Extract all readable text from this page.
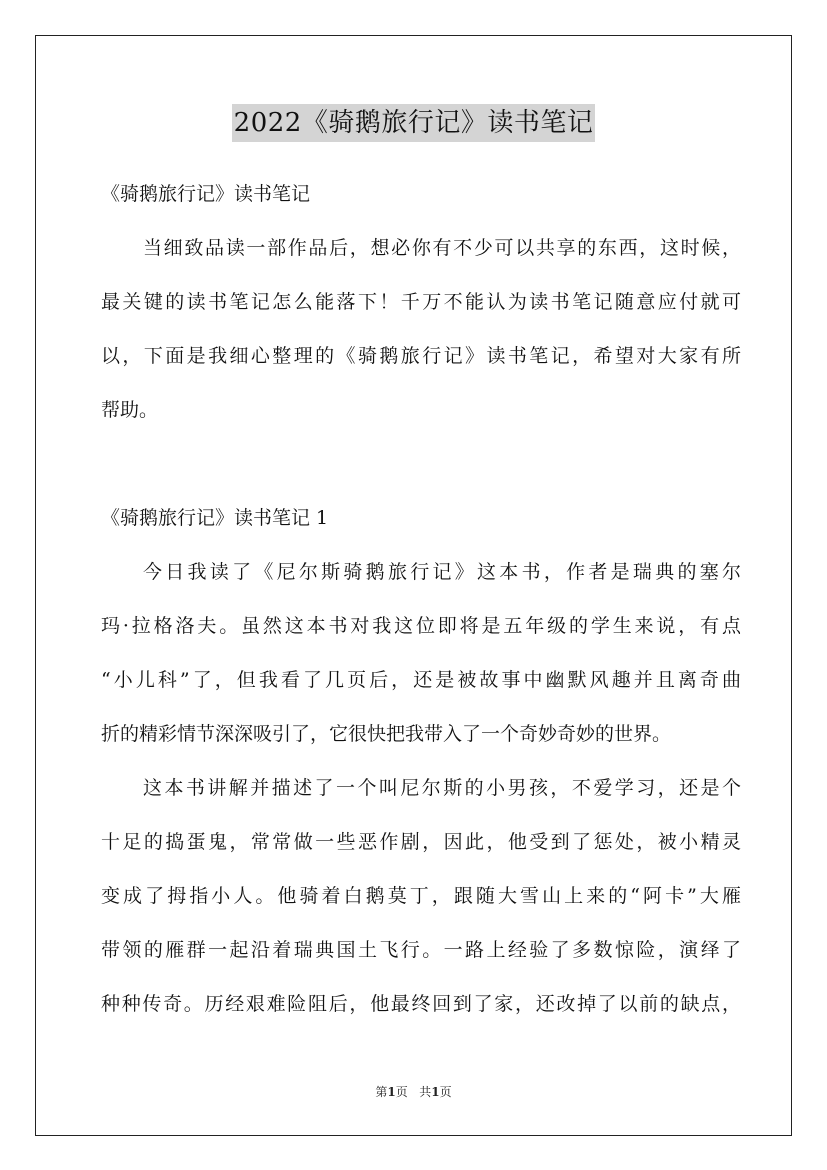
2022《骑鹅旅行记》读书笔记
《骑鹅旅行记》读书笔记
当细致品读一部作品后，想必你有不少可以共享的东西，这时候，
最关键的读书笔记怎么能落下！千万不能认为读书笔记随意应付就可
以，下面是我细心整理的《骑鹅旅行记》读书笔记，希望对大家有所
帮助。
《骑鹅旅行记》读书笔记 1
今日我读了《尼尔斯骑鹅旅行记》这本书，作者是瑞典的塞尔
玛·拉格洛夫。虽然这本书对我这位即将是五年级的学生来说，有点
“小儿科”了，但我看了几页后，还是被故事中幽默风趣并且离奇曲
折的精彩情节深深吸引了，它很快把我带入了一个奇妙奇妙的世界。
这本书讲解并描述了一个叫尼尔斯的小男孩，不爱学习，还是个
十足的捣蛋鬼，常常做一些恶作剧，因此，他受到了惩处，被小精灵
变成了拇指小人。他骑着白鹅莫丁，跟随大雪山上来的“阿卡”大雁
带领的雁群一起沿着瑞典国土飞行。一路上经验了多数惊险，演绎了
种种传奇。历经艰难险阻后，他最终回到了家，还改掉了以前的缺点，
第1页 共1页
